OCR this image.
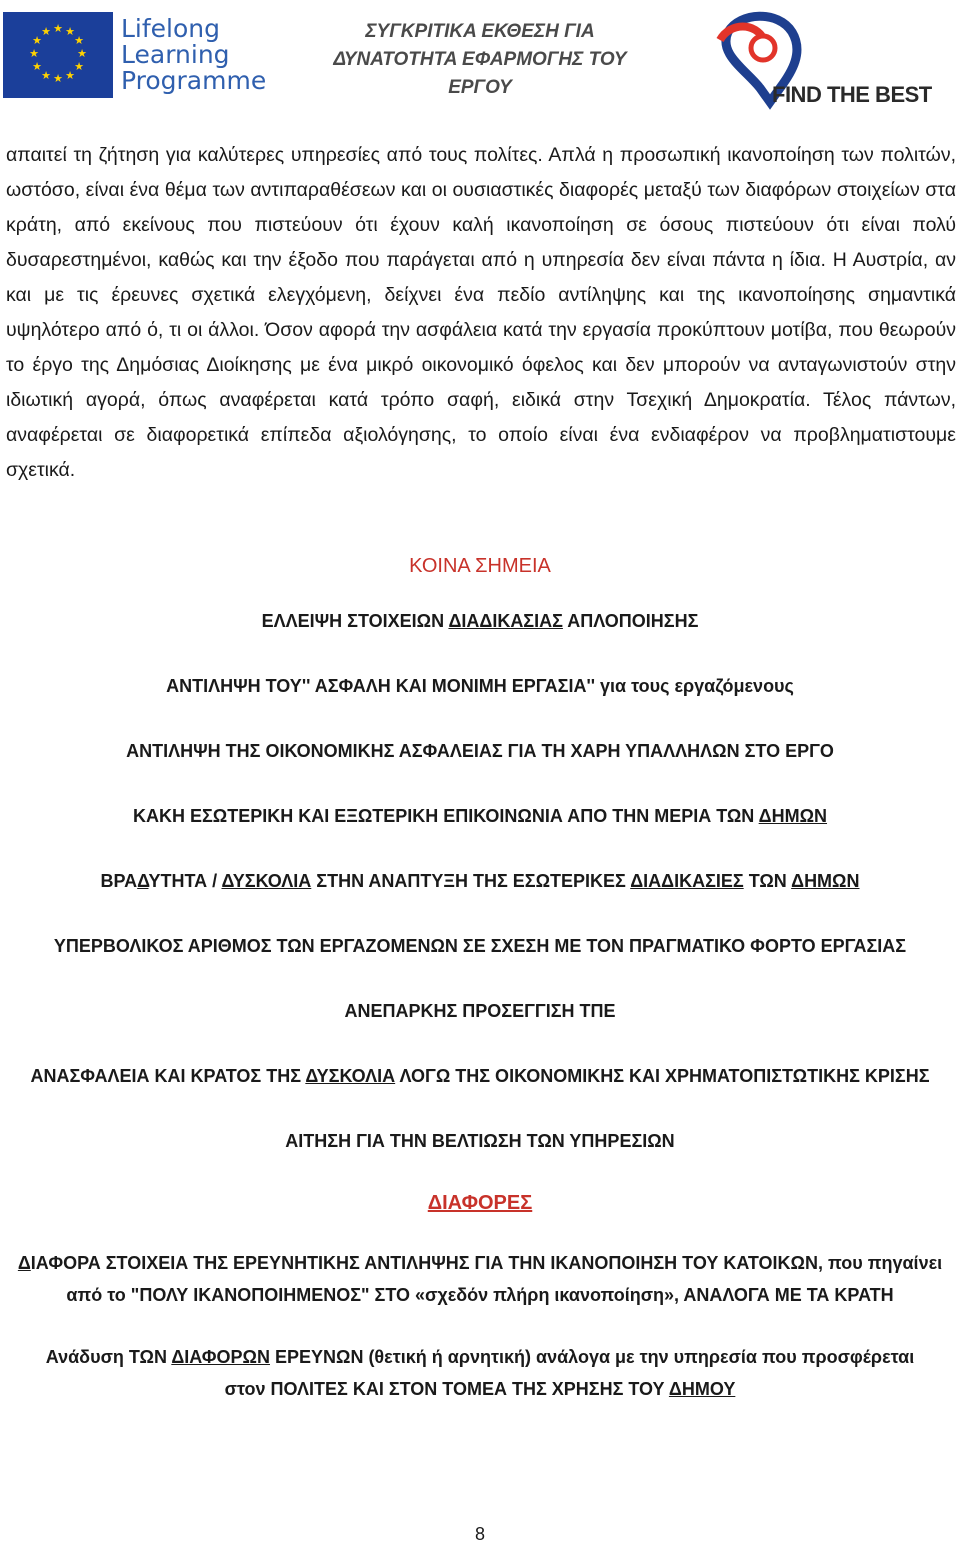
★ ★
★
★
★
★
★
★
★
★
★
★	Lifelong
Learning
Programme
ΣΥΓΚΡΙΤΙΚΑ ΕΚΘΕΣΗ ΓΙΑ
ΔΥΝΑΤΟΤΗΤΑ ΕΦΑΡΜΟΓΗΣ ΤΟΥ
ΕΡΓΟΥ	FIND THE BEST
απαιτεί τη ζήτηση για καλύτερες υπηρεσίες από τους πολίτες. Απλά η προσωπική ικανοποίηση των πολιτών, ωστόσο, είναι ένα θέμα των αντιπαραθέσεων και οι ουσιαστικές διαφορές μεταξύ των διαφόρων στοιχείων στα κράτη, από εκείνους που πιστεύουν ότι έχουν καλή ικανοποίηση σε όσους πιστεύουν ότι είναι πολύ δυσαρεστημένοι, καθώς και την έξοδο που παράγεται από η υπηρεσία δεν είναι πάντα η ίδια. Η Αυστρία, αν και με τις έρευνες σχετικά ελεγχόμενη, δείχνει ένα πεδίο αντίληψης και της ικανοποίησης σημαντικά υψηλότερο από ό, τι οι άλλοι. Όσον αφορά την ασφάλεια κατά την εργασία προκύπτουν μοτίβα, που θεωρούν το έργο της Δημόσιας Διοίκησης με ένα μικρό οικονομικό όφελος και δεν μπορούν να ανταγωνιστούν στην ιδιωτική αγορά, όπως αναφέρεται κατά τρόπο σαφή, ειδικά στην Τσεχική Δημοκρατία. Τέλος πάντων, αναφέρεται σε διαφορετικά επίπεδα αξιολόγησης, το οποίο είναι ένα ενδιαφέρον να προβληματιστουμε σχετικά.
ΚΟΙΝΑ ΣΗΜΕΙΑ
ΕΛΛΕΙΨΗ ΣΤΟΙΧΕΙΩΝ ΔΙΑΔΙΚΑΣΙΑΣ ΑΠΛΟΠΟΙΗΣΗΣ
ΑΝΤΙΛΗΨΗ ΤΟΥ'' ΑΣΦΑΛΗ ΚΑΙ ΜΟΝΙΜΗ ΕΡΓΑΣΙΑ'' για τους εργαζόμενους
ΑΝΤΙΛΗΨΗ ΤΗΣ ΟΙΚΟΝΟΜΙΚΗΣ ΑΣΦΑΛΕΙΑΣ ΓΙΑ ΤΗ ΧΑΡΗ ΥΠΑΛΛΗΛΩΝ ΣΤΟ ΕΡΓΟ
ΚΑΚΗ ΕΣΩΤΕΡΙΚΗ ΚΑΙ ΕΞΩΤΕΡΙΚΗ ΕΠΙΚΟΙΝΩΝΙΑ ΑΠΟ ΤΗΝ ΜΕΡΙΑ ΤΩΝ ΔΗΜΩΝ
ΒΡΑΔΥΤΗΤΑ / ΔΥΣΚΟΛΙΑ ΣΤΗΝ ΑΝΑΠΤΥΞΗ ΤΗΣ ΕΣΩΤΕΡΙΚΕΣ ΔΙΑΔΙΚΑΣΙΕΣ ΤΩΝ ΔΗΜΩΝ
ΥΠΕΡΒΟΛΙΚΟΣ ΑΡΙΘΜΟΣ ΤΩΝ ΕΡΓΑΖΟΜΕΝΩΝ ΣΕ ΣΧΕΣΗ ΜΕ ΤΟΝ ΠΡΑΓΜΑΤΙΚΟ ΦΟΡΤΟ ΕΡΓΑΣΙΑΣ
ΑΝΕΠΑΡΚΗΣ ΠΡΟΣΕΓΓΙΣΗ ΤΠΕ
ΑΝΑΣΦΑΛΕΙΑ ΚΑΙ ΚΡΑΤΟΣ ΤΗΣ ΔΥΣΚΟΛΙΑ ΛΟΓΩ ΤΗΣ ΟΙΚΟΝΟΜΙΚΗΣ ΚΑΙ ΧΡΗΜΑΤΟΠΙΣΤΩΤΙΚΗΣ ΚΡΙΣΗΣ
ΑΙΤΗΣΗ ΓΙΑ ΤΗΝ ΒΕΛΤΙΩΣΗ ΤΩΝ ΥΠΗΡΕΣΙΩΝ
ΔΙΑΦΟΡΕΣ
ΔΙΑΦΟΡΑ ΣΤΟΙΧΕΙΑ ΤΗΣ ΕΡΕΥΝΗΤΙΚΗΣ ΑΝΤΙΛΗΨΗΣ ΓΙΑ ΤΗΝ ΙΚΑΝΟΠΟΙΗΣΗ ΤΟΥ ΚΑΤΟΙΚΩΝ, που πηγαίνει από το "ΠΟΛΥ ΙΚΑΝΟΠΟΙΗΜΕΝΟΣ" ΣΤΟ «σχεδόν πλήρη ικανοποίηση», ΑΝΑΛΟΓΑ ΜΕ ΤΑ ΚΡΑΤΗ
Ανάδυση ΤΩΝ ΔΙΑΦΟΡΩΝ ΕΡΕΥΝΩΝ (θετική ή αρνητική) ανάλογα με την υπηρεσία που προσφέρεται στον ΠΟΛΙΤΕΣ ΚΑΙ ΣΤΟΝ ΤΟΜΕΑ ΤΗΣ ΧΡΗΣΗΣ ΤΟΥ ΔΗΜΟΥ
8
